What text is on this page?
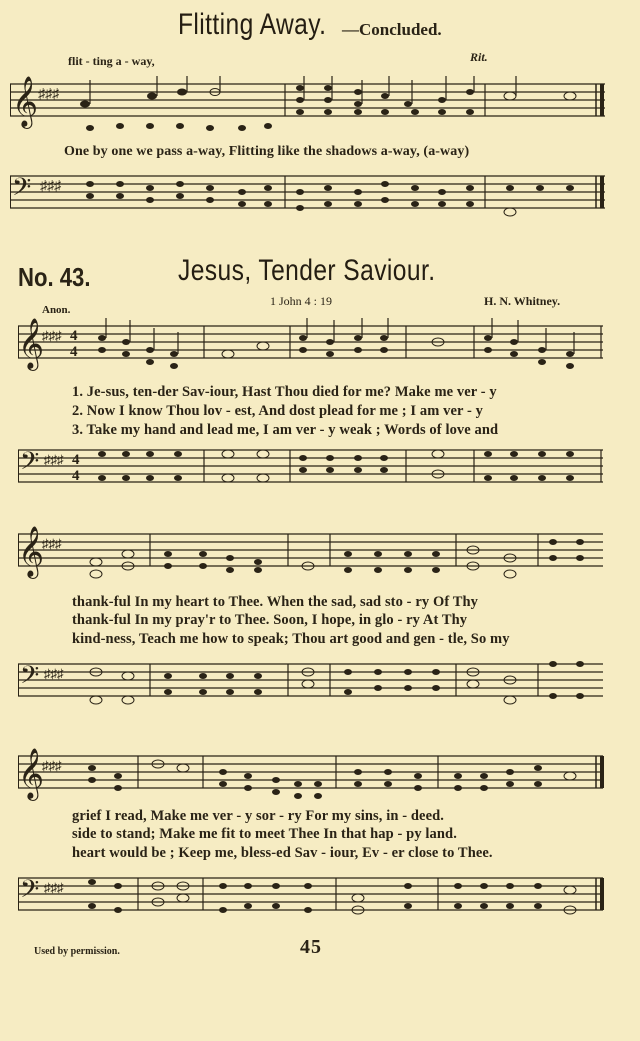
Flitting Away. —Concluded.
flit - ting a - way,	Rit.
𝄞 ♯♯♯
One by one we pass a-way, Flitting like the shadows a-way, (a-way)
𝄢 ♯♯♯
No. 43.	Jesus, Tender Saviour.
Anon.
1 John 4 : 19	H. N. Whitney.
𝄞
♯♯♯ 4
4
1. Je-sus, ten-der Sav-iour, Hast Thou died for me? Make me ver - y
2. Now I know Thou lov - est, And dost plead for me ; I am ver - y
3. Take my hand and lead me, I am ver - y weak ; Words of love and
𝄢 ♯♯♯ 4
4
𝄞
♯♯♯
thank-ful In my heart to Thee. When the sad, sad sto - ry Of Thy
thank-ful In my pray'r to Thee. Soon, I hope, in glo - ry At Thy
kind-ness, Teach me how to speak; Thou art good and gen - tle, So my
𝄢 ♯♯♯
𝄞
♯♯♯
grief I read, Make me ver - y sor - ry For my sins, in - deed.
side to stand; Make me fit to meet Thee In that hap - py land.
heart would be ; Keep me, bless-ed Sav - iour, Ev - er close to Thee.
𝄢 ♯♯♯
Used by permission.	45
